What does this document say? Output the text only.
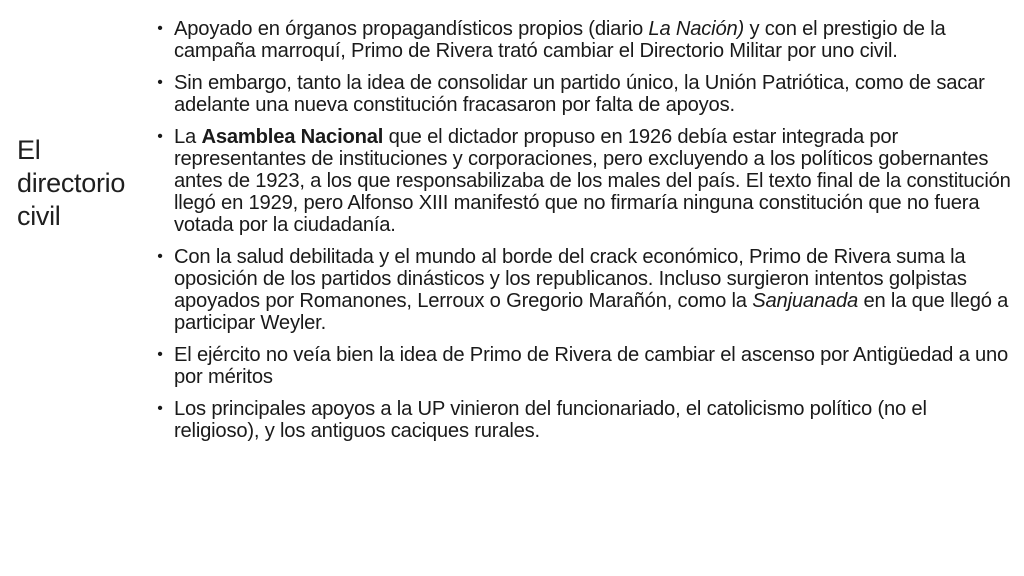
El
directorio
civil
• Apoyado en órganos propagandísticos propios (diario La Nación) y con el prestigio de la campaña marroquí, Primo de Rivera trató cambiar el Directorio Militar por uno civil.
• Sin embargo, tanto la idea de consolidar un partido único, la Unión Patriótica, como de sacar adelante una nueva constitución fracasaron por falta de apoyos.
• La Asamblea Nacional que el dictador propuso en 1926 debía estar integrada por representantes de instituciones y corporaciones, pero excluyendo a los políticos gobernantes antes de 1923, a los que responsabilizaba de los males del país. El texto final de la constitución llegó en 1929, pero Alfonso XIII manifestó que no firmaría ninguna constitución que no fuera votada por la ciudadanía.
• Con la salud debilitada y el mundo al borde del crack económico, Primo de Rivera suma la oposición de los partidos dinásticos y los republicanos. Incluso surgieron intentos golpistas apoyados por Romanones, Lerroux o Gregorio Marañón, como la Sanjuanada en la que llegó a participar Weyler.
• El ejército no veía bien la idea de Primo de Rivera de cambiar el ascenso por Antigüedad a uno por méritos
• Los principales apoyos a la UP vinieron del funcionariado, el catolicismo político (no el religioso), y los antiguos caciques rurales.
